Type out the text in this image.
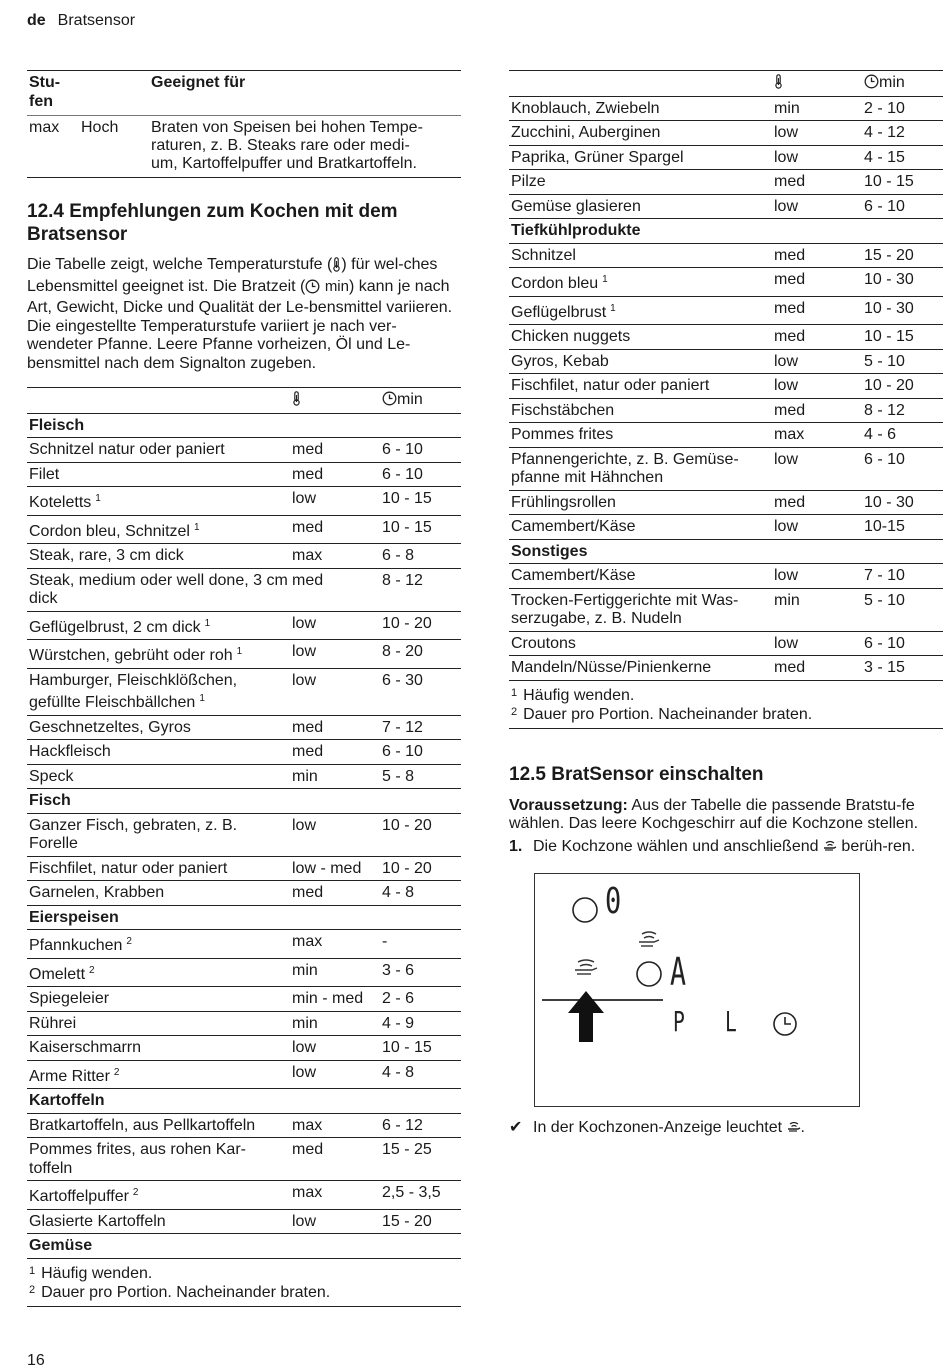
de Bratsensor
Stu-
fen		Geeignet für
max	Hoch	Braten von Speisen bei hohen Tempe-
raturen, z. B. Steaks rare oder medi-
um, Kartoffelpuffer und Bratkartoffeln.
12.4 Empfehlungen zum Kochen mit dem Bratsensor

Die Tabelle zeigt, welche Temperaturstufe ( ) für wel-ches Lebensmittel geeignet ist. Die Bratzeit ( min) kann je nach Art, Gewicht, Dicke und Qualität der Le-bensmittel variieren.

Die eingestellte Temperaturstufe variiert je nach ver-wendeter Pfanne. Leere Pfanne vorheizen, Öl und Le-bensmittel nach dem Signalton zugeben.

		min
Fleisch		
Schnitzel natur oder paniert	med	6 - 10
Filet	med	6 - 10
Koteletts $^1$	low	10 - 15
Cordon bleu, Schnitzel $^1$	med	10 - 15
Steak, rare, 3 cm dick	max	6 - 8
Steak, medium oder well done, 3 cm dick	med	8 - 12
Geflügelbrust, 2 cm dick $^1$	low	10 - 20
Würstchen, gebrüht oder roh $^1$	low	8 - 20
Hamburger, Fleischklößchen, gefüllte Fleischbällchen $^1$	low	6 - 30
Geschnetzeltes, Gyros	med	7 - 12
Hackfleisch	med	6 - 10
Speck	min	5 - 8
Fisch		
Ganzer Fisch, gebraten, z. B. Forelle	low	10 - 20
Fischfilet, natur oder paniert	low - med	10 - 20
Garnelen, Krabben	med	4 - 8
Eierspeisen		
Pfannkuchen $^2$	max	-
Omelett $^2$	min	3 - 6
Spiegeleier	min - med	2 - 6
Rührei	min	4 - 9
Kaiserschmarrn	low	10 - 15
Arme Ritter $^2$	low	4 - 8
Kartoffeln		
Bratkartoffeln, aus Pellkartoffeln	max	6 - 12
Pommes frites, aus rohen Kar-
toffeln	med	15 - 25
Kartoffelpuffer $^2$	max	2,5 - 3,5
Glasierte Kartoffeln	low	15 - 20
Gemüse		

$^1$ Häufig wenden.
$^2$ Dauer pro Portion. Nacheinander braten.		
		min
Knoblauch, Zwiebeln	min	2 - 10
Zucchini, Auberginen	low	4 - 12
Paprika, Grüner Spargel	low	4 - 15
Pilze	med	10 - 15
Gemüse glasieren	low	6 - 10
Tiefkühlprodukte		
Schnitzel	med	15 - 20
Cordon bleu $^1$	med	10 - 30
Geflügelbrust $^1$	med	10 - 30
Chicken nuggets	med	10 - 15
Gyros, Kebab	low	5 - 10
Fischfilet, natur oder paniert	low	10 - 20
Fischstäbchen	med	8 - 12
Pommes frites	max	4 - 6
Pfannengerichte, z. B. Gemüse-
pfanne mit Hähnchen	low	6 - 10
Frühlingsrollen	med	10 - 30
Camembert/Käse	low	10-15
Sonstiges		
Camembert/Käse	low	7 - 10
Trocken-Fertiggerichte mit Was-
serzugabe, z. B. Nudeln	min	5 - 10
Croutons	low	6 - 10
Mandeln/Nüsse/Pinienkerne	med	3 - 15

$^1$ Häufig wenden.
$^2$ Dauer pro Portion. Nacheinander braten.		
12.5 BratSensor einschalten
Voraussetzung: Aus der Tabelle die passende Bratstu-fe wählen. Das leere Kochgeschirr auf die Kochzone stellen.
1. Die Kochzone wählen und anschließend  berüh-ren.
0
A
P L
✔ In der Kochzonen-Anzeige leuchtet .
16
